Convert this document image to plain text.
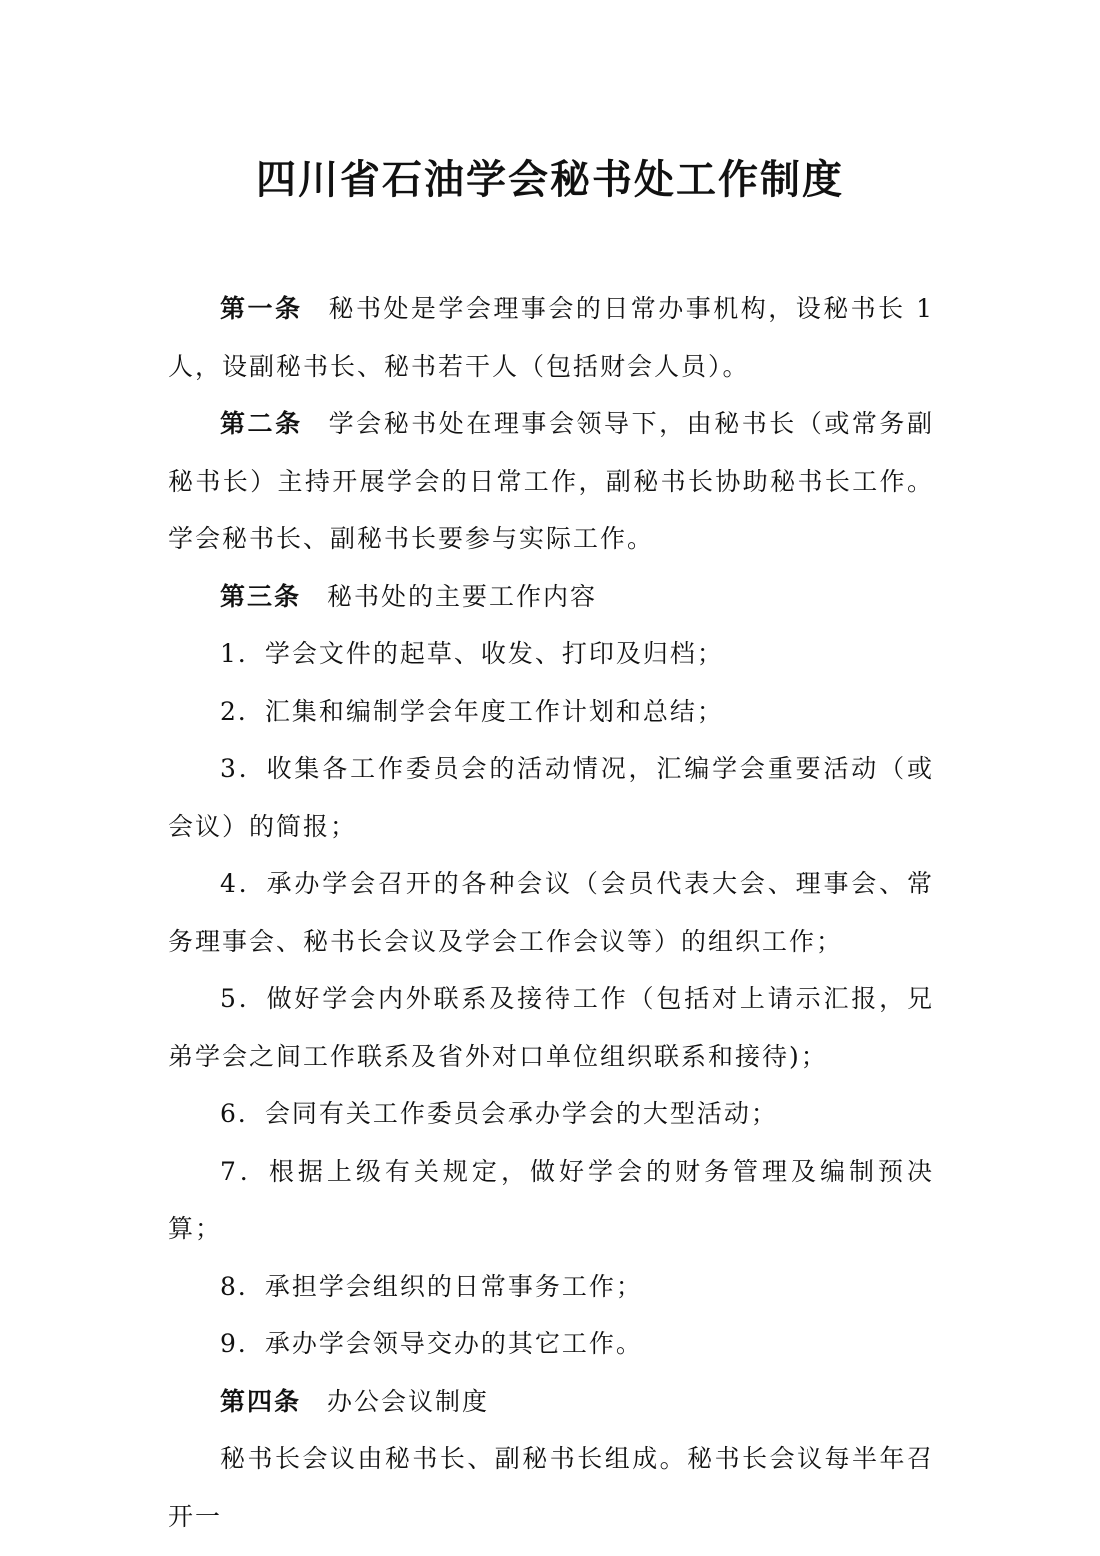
四川省石油学会秘书处工作制度

第一条 秘书处是学会理事会的日常办事机构，设秘书长 1 人，设副秘书长、秘书若干人（包括财会人员）。

第二条 学会秘书处在理事会领导下，由秘书长（或常务副秘书长）主持开展学会的日常工作，副秘书长协助秘书长工作。学会秘书长、副秘书长要参与实际工作。

第三条 秘书处的主要工作内容

1．学会文件的起草、收发、打印及归档；

2．汇集和编制学会年度工作计划和总结；

3．收集各工作委员会的活动情况，汇编学会重要活动（或会议）的简报；

4．承办学会召开的各种会议（会员代表大会、理事会、常务理事会、秘书长会议及学会工作会议等）的组织工作；

5．做好学会内外联系及接待工作（包括对上请示汇报，兄弟学会之间工作联系及省外对口单位组织联系和接待)；

6．会同有关工作委员会承办学会的大型活动；

7．根据上级有关规定，做好学会的财务管理及编制预决算；

8．承担学会组织的日常事务工作；

9．承办学会领导交办的其它工作。

第四条 办公会议制度

秘书长会议由秘书长、副秘书长组成。秘书长会议每半年召开一
